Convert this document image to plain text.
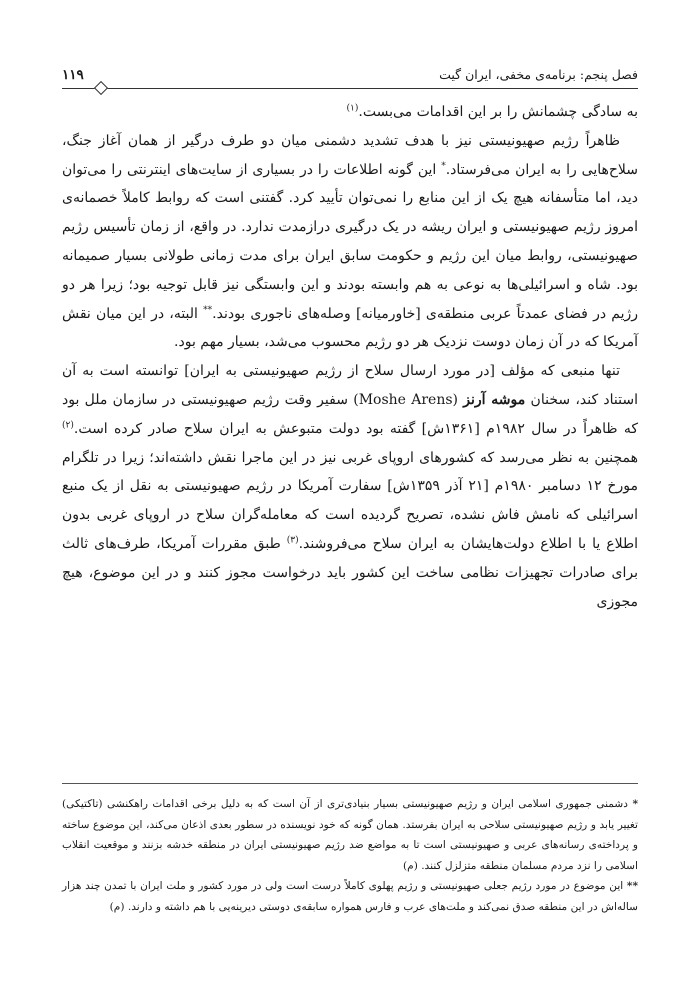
فصل پنجم: برنامه‌ی مخفی، ایران گیت
۱۱۹

به سادگی چشمانش را بر این اقدامات می‌بست.$^{(۱)}$

ظاهراً رژیم صهیونیستی نیز با هدف تشدید دشمنی میان دو طرف درگیر از همان آغاز جنگ، سلاح‌هایی را به ایران می‌فرستاد.* این گونه اطلاعات را در بسیاری از سایت‌های اینترنتی را می‌توان دید، اما متأسفانه هیچ یک از این منابع را نمی‌توان تأیید کرد. گفتنی است که روابط کاملاً خصمانه‌ی امروز رژیم صهیونیستی و ایران ریشه در یک درگیری درازمدت ندارد. در واقع، از زمان تأسیس رژیم صهیونیستی، روابط میان این رژیم و حکومت سابق ایران برای مدت زمانی طولانی بسیار صمیمانه بود. شاه و اسرائیلی‌ها به نوعی به هم وابسته بودند و این وابستگی نیز قابل توجیه بود؛ زیرا هر دو رژیم در فضای عمدتاً عربی منطقه‌ی [خاورمیانه] وصله‌های ناجوری بودند.** البته، در این میان نقش آمریکا که در آن زمان دوست نزدیک هر دو رژیم محسوب می‌شد، بسیار مهم بود.

تنها منبعی که مؤلف [در مورد ارسال سلاح از رژیم صهیونیستی به ایران] توانسته است به آن استناد کند، سخنان موشه آرنز (Moshe Arens) سفیر وقت رژیم صهیونیستی در سازمان ملل بود که ظاهراً در سال ۱۹۸۲م [۱۳۶۱ش] گفته بود دولت متبوعش به ایران سلاح صادر کرده است.$^{(۲)}$ همچنین به نظر می‌رسد که کشورهای اروپای غربی نیز در این ماجرا نقش داشته‌اند؛ زیرا در تلگرام مورخ ۱۲ دسامبر ۱۹۸۰م [۲۱ آذر ۱۳۵۹ش] سفارت آمریکا در رژیم صهیونیستی به نقل از یک منبع اسرائیلی که نامش فاش نشده، تصریح گردیده است که معامله‌گران سلاح در اروپای غربی بدون اطلاع یا با اطلاع دولت‌هایشان به ایران سلاح می‌فروشند.$^{(۳)}$ طبق مقررات آمریکا، طرف‌های ثالث برای صادرات تجهیزات نظامی ساخت این کشور باید درخواست مجوز کنند و در این موضوع، هیچ مجوزی

* دشمنی جمهوری اسلامی ایران و رژیم صهیونیستی بسیار بنیادی‌تری از آن است که به دلیل برخی اقدامات راهکنشی (تاکتیکی) تغییر یابد و رژیم صهیونیستی سلاحی به ایران بفرستد. همان گونه که خود نویسنده در سطور بعدی اذعان می‌کند، این موضوع ساخته و پرداخته‌ی رسانه‌های عربی و صهیونیستی است تا به مواضع ضد رژیم صهیونیستی ایران در منطقه خدشه بزنند و موقعیت انقلاب اسلامی را نزد مردم مسلمان منطقه متزلزل کنند. (م)

** این موضوع در مورد رژیم جعلی صهیونیستی و رژیم پهلوی کاملاً درست است ولی در مورد کشور و ملت ایران با تمدن چند هزار ساله‌اش در این منطقه صدق نمی‌کند و ملت‌های عرب و فارس همواره سابقه‌ی دوستی دیرینه‌یی با هم داشته و دارند. (م)
